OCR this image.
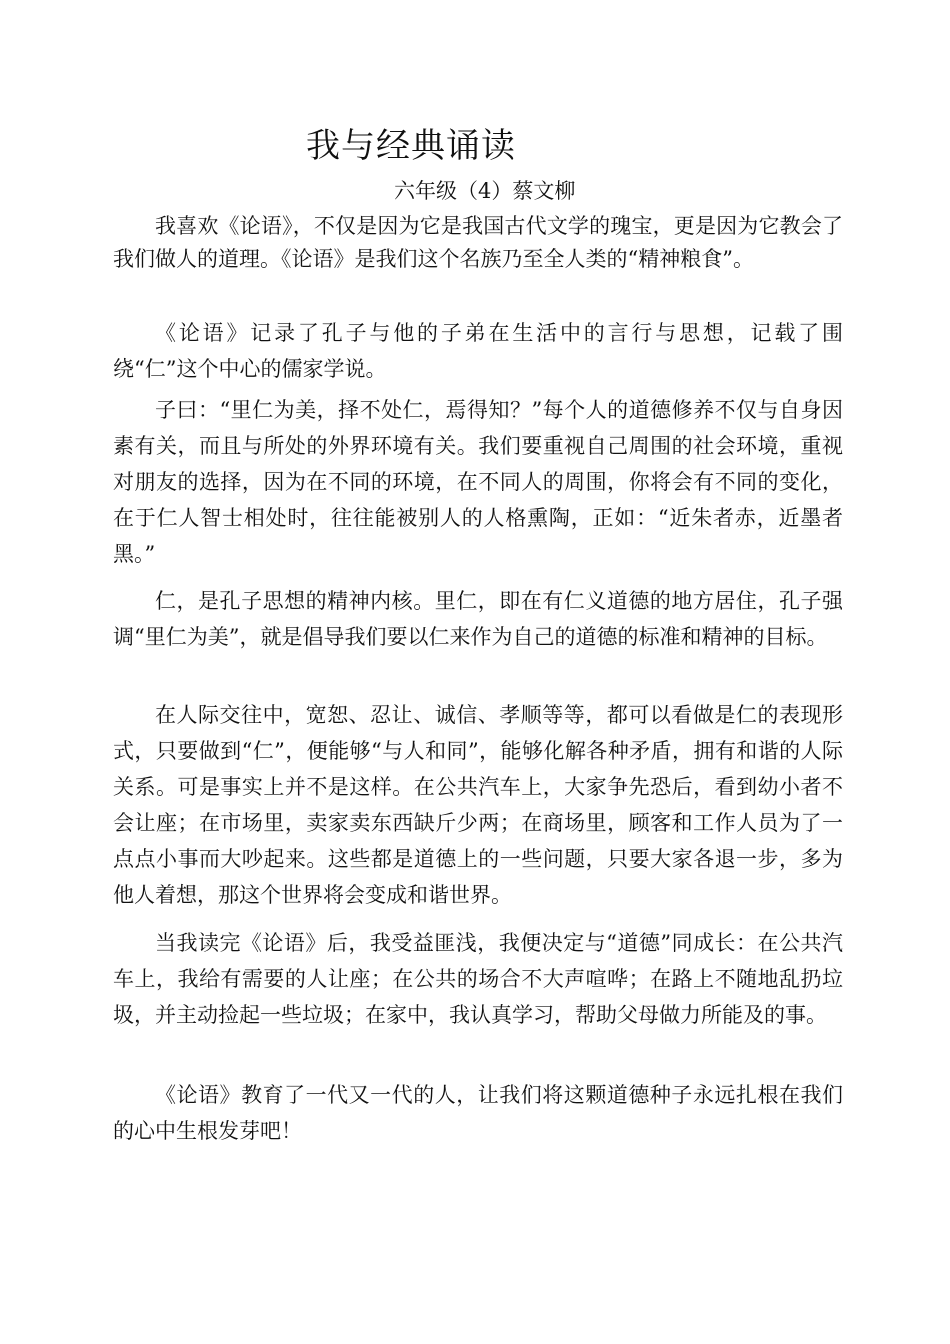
我与经典诵读
六年级（4）蔡文柳

我喜欢《论语》，不仅是因为它是我国古代文学的瑰宝，更是因为它教会了我们做人的道理。《论语》是我们这个名族乃至全人类的“精神粮食”。

《论语》记录了孔子与他的子弟在生活中的言行与思想，记载了围绕“仁”这个中心的儒家学说。

子曰：“里仁为美，择不处仁，焉得知？”每个人的道德修养不仅与自身因素有关，而且与所处的外界环境有关。我们要重视自己周围的社会环境，重视对朋友的选择，因为在不同的环境，在不同人的周围，你将会有不同的变化，在于仁人智士相处时，往往能被别人的人格熏陶，正如：“近朱者赤，近墨者黑。”

仁，是孔子思想的精神内核。里仁，即在有仁义道德的地方居住，孔子强调“里仁为美”，就是倡导我们要以仁来作为自己的道德的标准和精神的目标。

在人际交往中，宽恕、忍让、诚信、孝顺等等，都可以看做是仁的表现形式，只要做到“仁”，便能够“与人和同”，能够化解各种矛盾，拥有和谐的人际关系。可是事实上并不是这样。在公共汽车上，大家争先恐后，看到幼小者不会让座；在市场里，卖家卖东西缺斤少两；在商场里，顾客和工作人员为了一点点小事而大吵起来。这些都是道德上的一些问题，只要大家各退一步，多为他人着想，那这个世界将会变成和谐世界。

当我读完《论语》后，我受益匪浅，我便决定与“道德”同成长：在公共汽车上，我给有需要的人让座；在公共的场合不大声喧哗；在路上不随地乱扔垃圾，并主动捡起一些垃圾；在家中，我认真学习，帮助父母做力所能及的事。

《论语》教育了一代又一代的人，让我们将这颗道德种子永远扎根在我们的心中生根发芽吧！
